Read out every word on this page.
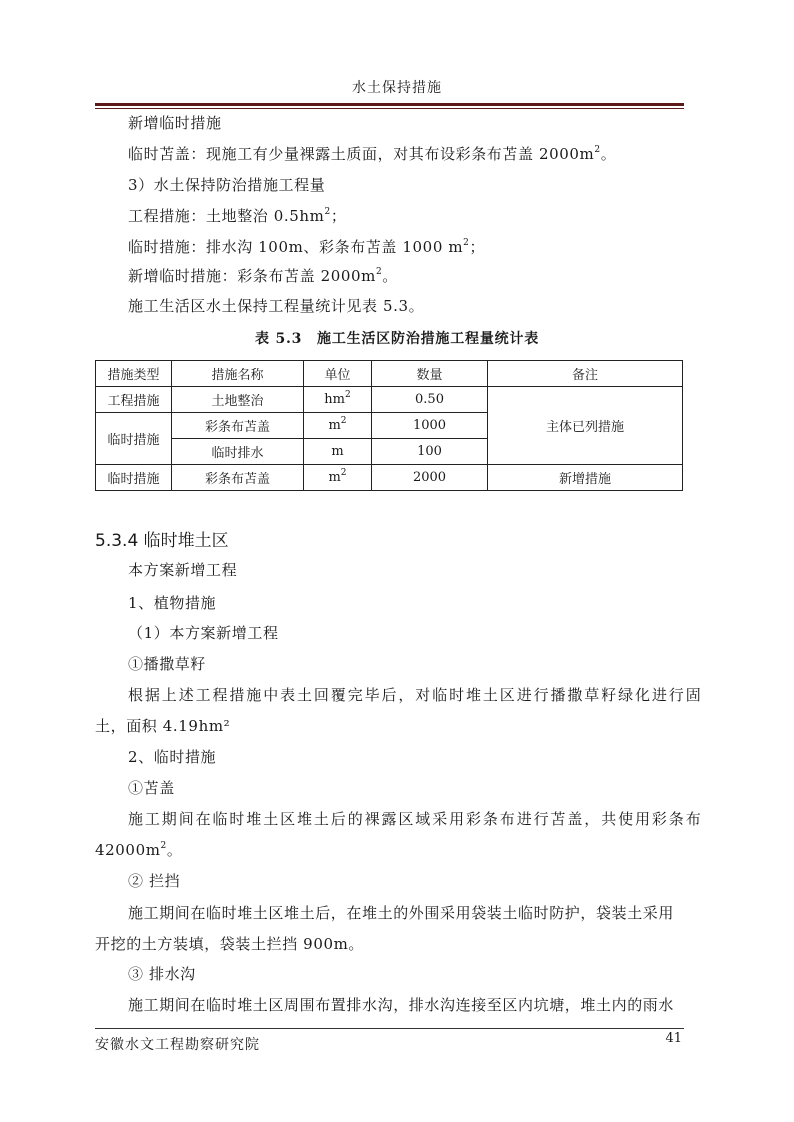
水土保持措施
新增临时措施
临时苫盖：现施工有少量裸露土质面，对其布设彩条布苫盖 $2000m^2$。
3）水土保持防治措施工程量
工程措施：土地整治 $0.5hm^2$；
临时措施：排水沟 100m、彩条布苫盖 1000 $m^2$；
新增临时措施：彩条布苫盖 $2000m^2$。
施工生活区水土保持工程量统计见表 5.3。
表 5.3　施工生活区防治措施工程量统计表
措施类型	措施名称	单位	数量	备注
工程措施	土地整治	$hm^2$	0.50	主体已列措施
临时措施	彩条布苫盖	$m^2$	1000	
	临时排水	m	100	
临时措施	彩条布苫盖	$m^2$	2000	新增措施
5.3.4 临时堆土区
本方案新增工程
1、植物措施
（1）本方案新增工程
①播撒草籽
根据上述工程措施中表土回覆完毕后，对临时堆土区进行播撒草籽绿化进行固
土，面积 4.19hm²
2、临时措施
①苫盖
施工期间在临时堆土区堆土后的裸露区域采用彩条布进行苫盖，共使用彩条布
$42000m^2$。
② 拦挡
施工期间在临时堆土区堆土后，在堆土的外围采用袋装土临时防护，袋装土采用
开挖的土方装填，袋装土拦挡 900m。
③ 排水沟
施工期间在临时堆土区周围布置排水沟，排水沟连接至区内坑塘，堆土内的雨水
安徽水文工程勘察研究院	41
